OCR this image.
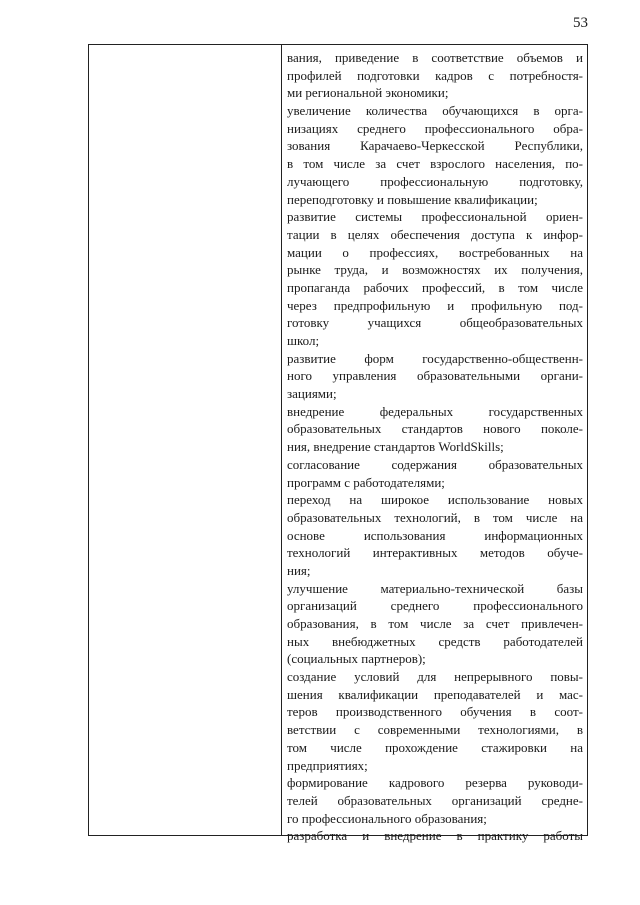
53
вания, приведение в соответствие объемов и
профилей подготовки кадров с потребностя-
ми региональной экономики;
увеличение количества обучающихся в орга-
низациях среднего профессионального обра-
зования Карачаево-Черкесской Республики,
в том числе за счет взрослого населения, по-
лучающего профессиональную подготовку,
переподготовку и повышение квалификации;
развитие системы профессиональной ориен-
тации в целях обеспечения доступа к инфор-
мации о профессиях, востребованных на
рынке труда, и возможностях их получения,
пропаганда рабочих профессий, в том числе
через предпрофильную и профильную под-
готовку учащихся общеобразовательных
школ;
развитие форм государственно-общественн-
ного управления образовательными органи-
зациями;
внедрение федеральных государственных
образовательных стандартов нового поколе-
ния, внедрение стандартов WorldSkills;
согласование содержания образовательных
программ с работодателями;
переход на широкое использование новых
образовательных технологий, в том числе на
основе использования информационных
технологий интерактивных методов обуче-
ния;
улучшение материально-технической базы
организаций среднего профессионального
образования, в том числе за счет привлечен-
ных внебюджетных средств работодателей
(социальных партнеров);
создание условий для непрерывного повы-
шения квалификации преподавателей и мас-
теров производственного обучения в соот-
ветствии с современными технологиями, в
том числе прохождение стажировки на
предприятиях;
формирование кадрового резерва руководи-
телей образовательных организаций средне-
го профессионального образования;
разработка и внедрение в практику работы
